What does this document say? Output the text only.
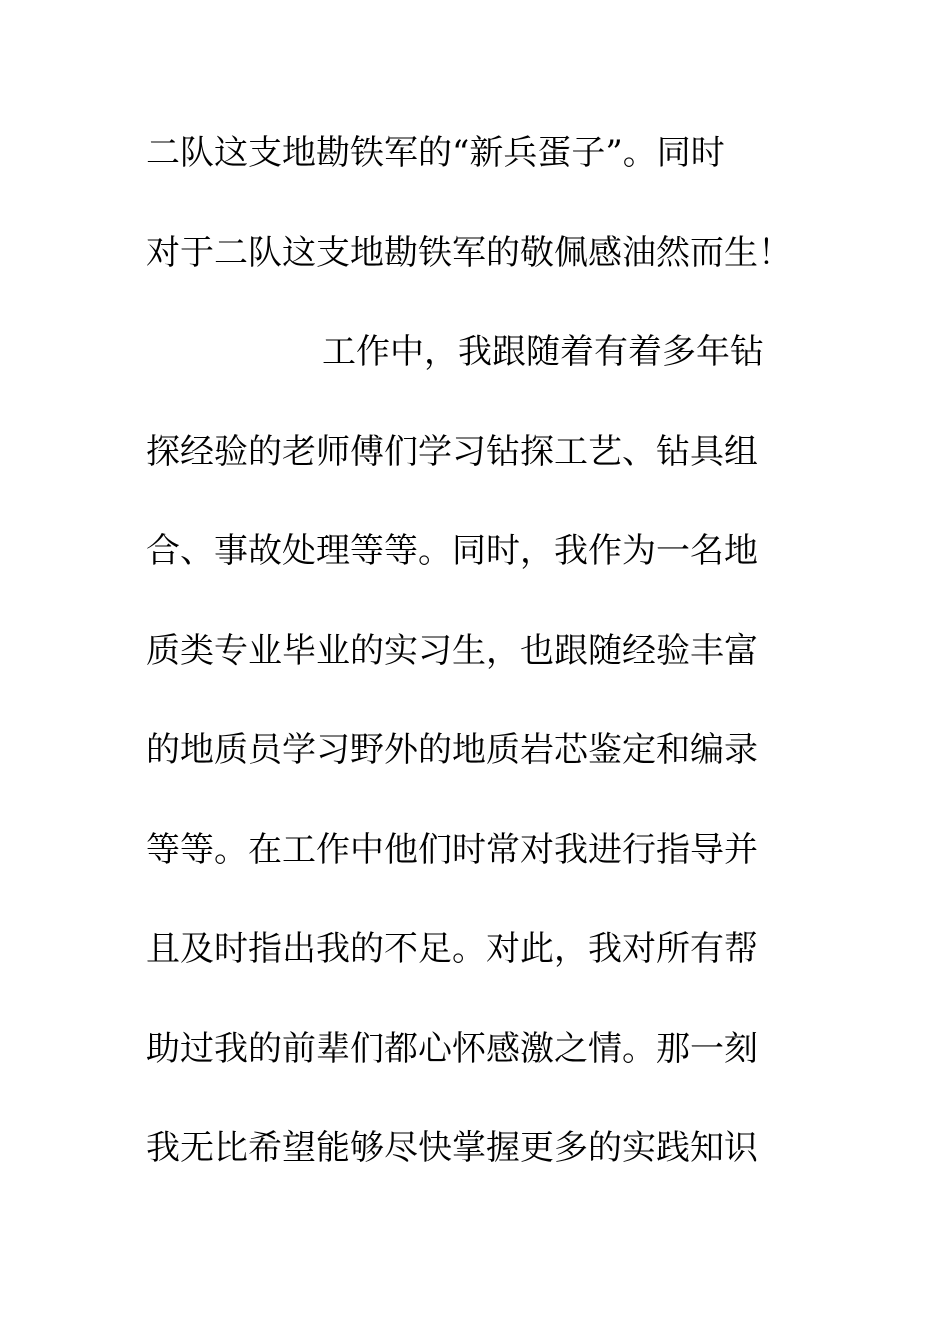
二队这支地勘铁军的“新兵蛋子”。同时
对于二队这支地勘铁军的敬佩感油然而生！
工作中，我跟随着有着多年钻
探经验的老师傅们学习钻探工艺、钻具组
合、事故处理等等。同时，我作为一名地
质类专业毕业的实习生，也跟随经验丰富
的地质员学习野外的地质岩芯鉴定和编录
等等。在工作中他们时常对我进行指导并
且及时指出我的不足。对此，我对所有帮
助过我的前辈们都心怀感激之情。那一刻
我无比希望能够尽快掌握更多的实践知识
